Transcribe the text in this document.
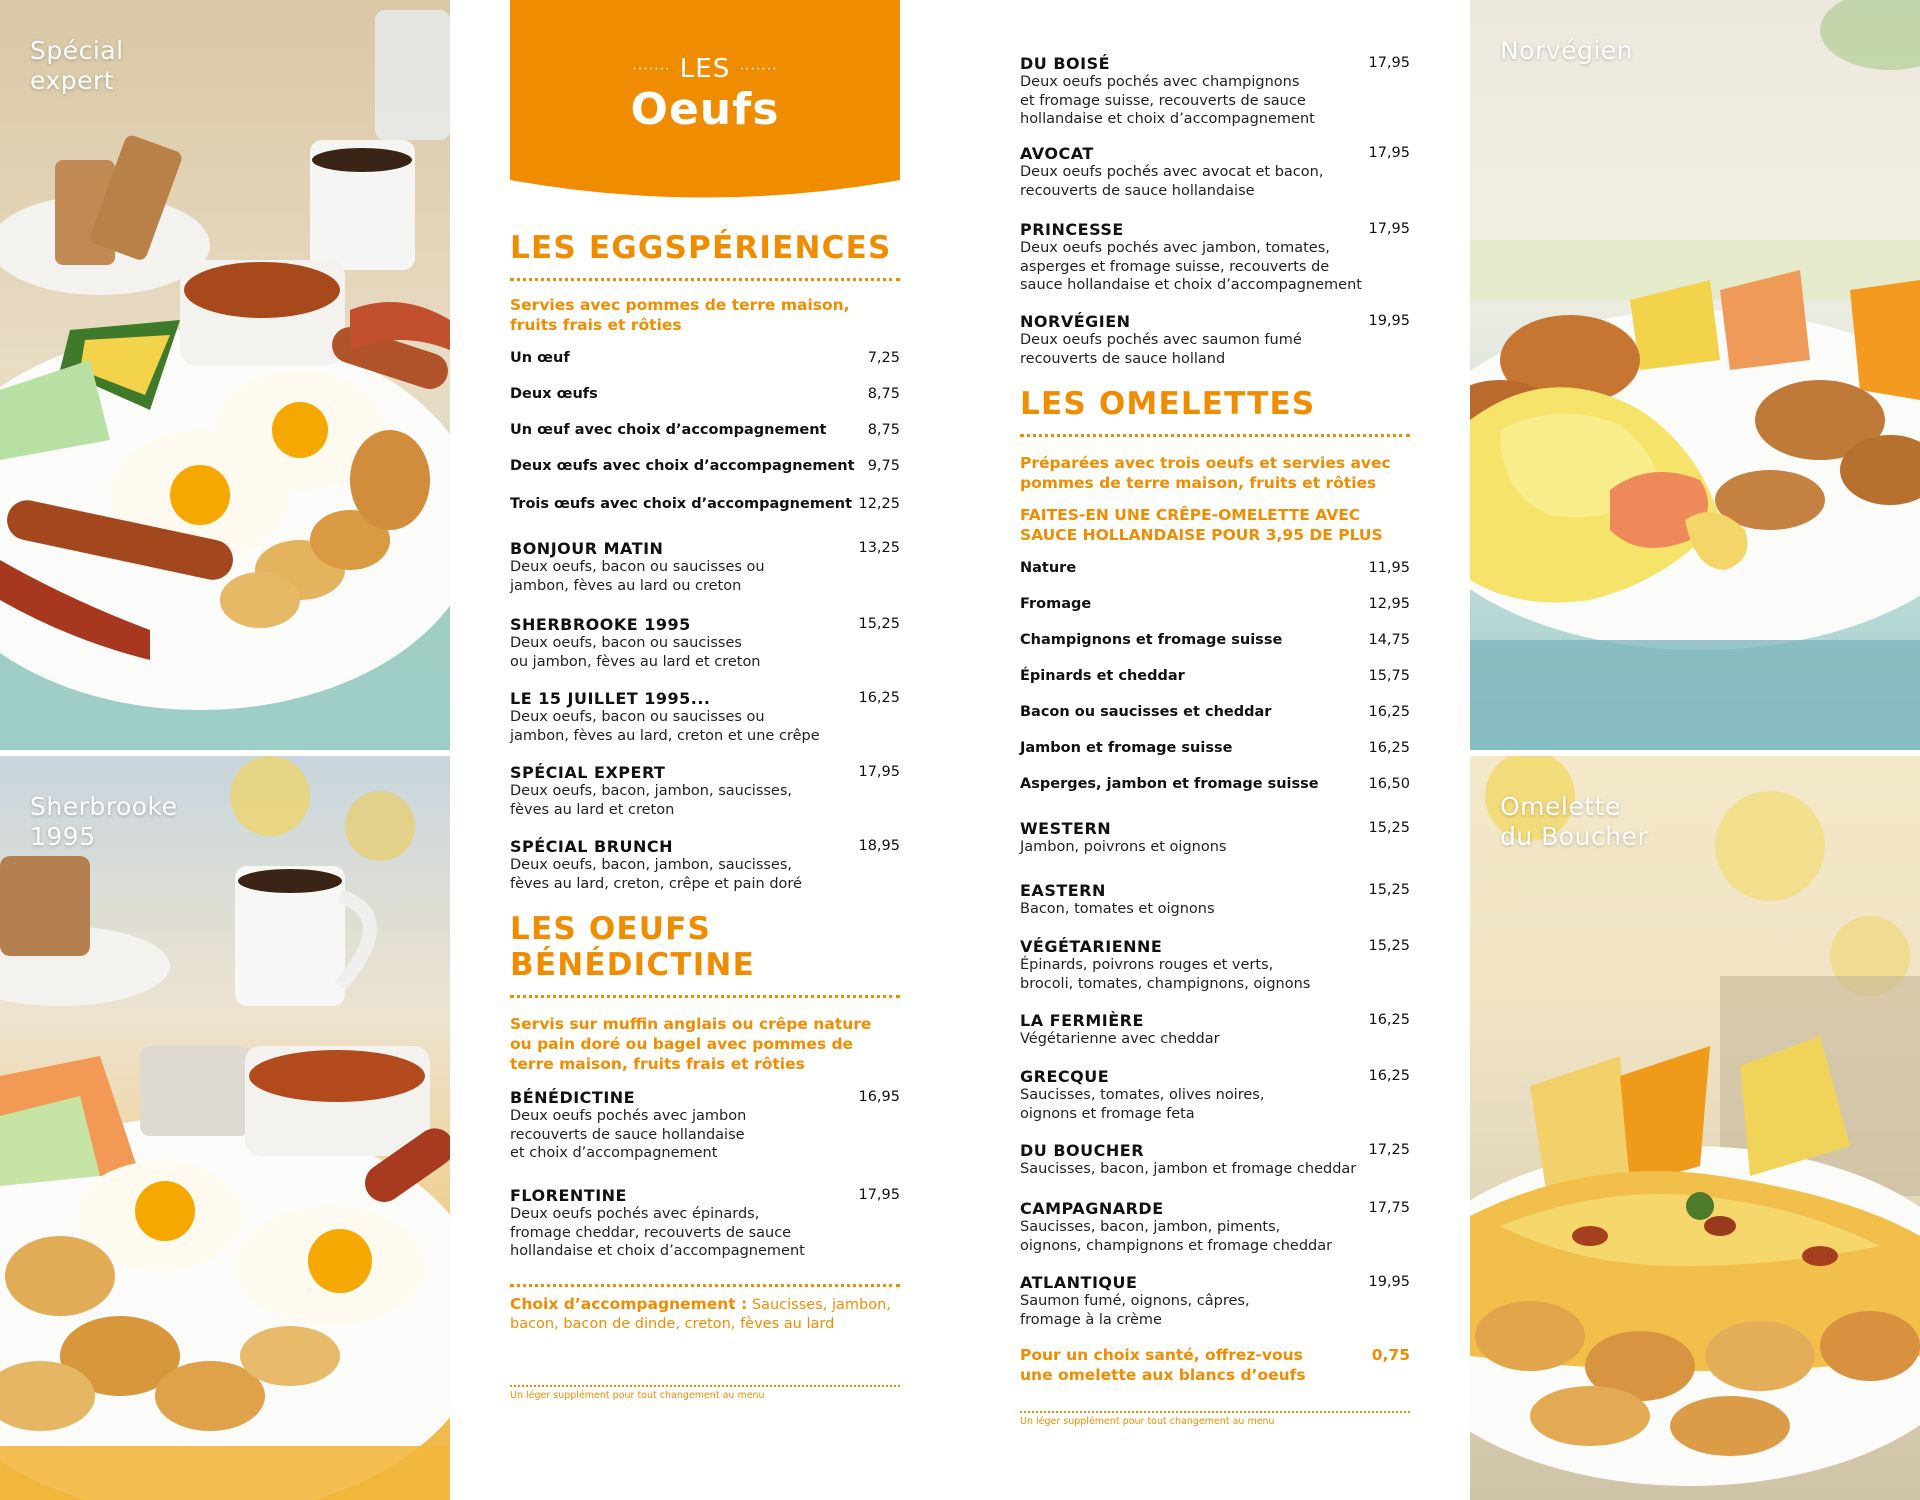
Spécial
expert
Sherbrooke
1995
Norvégien
Omelette
du Boucher
······· LES ·······
Oeufs
LES EGGSPÉRIENCES
Servies avec pommes de terre maison,
fruits frais et rôties
Un œuf	7,25
Deux œufs	8,75
Un œuf avec choix d’accompagnement	8,75
Deux œufs avec choix d’accompagnement 9,75
Trois œufs avec choix d’accompagnement 12,25
BONJOUR MATIN	13,25
Deux oeufs, bacon ou saucisses ou
jambon, fèves au lard ou creton
SHERBROOKE 1995	15,25
Deux oeufs, bacon ou saucisses
ou jambon, fèves au lard et creton
LE 15 JUILLET 1995...	16,25
Deux oeufs, bacon ou saucisses ou
jambon, fèves au lard, creton et une crêpe
SPÉCIAL EXPERT	17,95
Deux oeufs, bacon, jambon, saucisses,
fèves au lard et creton
SPÉCIAL BRUNCH	18,95
Deux oeufs, bacon, jambon, saucisses,
fèves au lard, creton, crêpe et pain doré
LES OEUFS
BÉNÉDICTINE
Servis sur muffin anglais ou crêpe nature
ou pain doré ou bagel avec pommes de
terre maison, fruits frais et rôties
BÉNÉDICTINE	16,95
Deux oeufs pochés avec jambon
recouverts de sauce hollandaise
et choix d’accompagnement
FLORENTINE	17,95
Deux oeufs pochés avec épinards,
fromage cheddar, recouverts de sauce
hollandaise et choix d’accompagnement
Choix d’accompagnement : Saucisses, jambon,
bacon, bacon de dinde, creton, fèves au lard
Un léger supplément pour tout changement au menu
DU BOISÉ	17,95
Deux oeufs pochés avec champignons
et fromage suisse, recouverts de sauce
hollandaise et choix d’accompagnement
AVOCAT	17,95
Deux oeufs pochés avec avocat et bacon,
recouverts de sauce hollandaise
PRINCESSE	17,95
Deux oeufs pochés avec jambon, tomates,
asperges et fromage suisse, recouverts de
sauce hollandaise et choix d’accompagnement
NORVÉGIEN	19,95
Deux oeufs pochés avec saumon fumé
recouverts de sauce holland
LES OMELETTES
Préparées avec trois oeufs et servies avec
pommes de terre maison, fruits et rôties
FAITES-EN UNE CRÊPE-OMELETTE AVEC
SAUCE HOLLANDAISE POUR 3,95 DE PLUS
Nature	11,95
Fromage	12,95
Champignons et fromage suisse	14,75
Épinards et cheddar	15,75
Bacon ou saucisses et cheddar	16,25
Jambon et fromage suisse	16,25
Asperges, jambon et fromage suisse	16,50
WESTERN	15,25
Jambon, poivrons et oignons
EASTERN	15,25
Bacon, tomates et oignons
VÉGÉTARIENNE	15,25
Épinards, poivrons rouges et verts,
brocoli, tomates, champignons, oignons
LA FERMIÈRE	16,25
Végétarienne avec cheddar
GRECQUE	16,25
Saucisses, tomates, olives noires,
oignons et fromage feta
DU BOUCHER	17,25
Saucisses, bacon, jambon et fromage cheddar
CAMPAGNARDE	17,75
Saucisses, bacon, jambon, piments,
oignons, champignons et fromage cheddar
ATLANTIQUE	19,95
Saumon fumé, oignons, câpres,
fromage à la crème
Pour un choix santé, offrez-vous
une omelette aux blancs d’oeufs
0,75
Un léger supplément pour tout changement au menu
